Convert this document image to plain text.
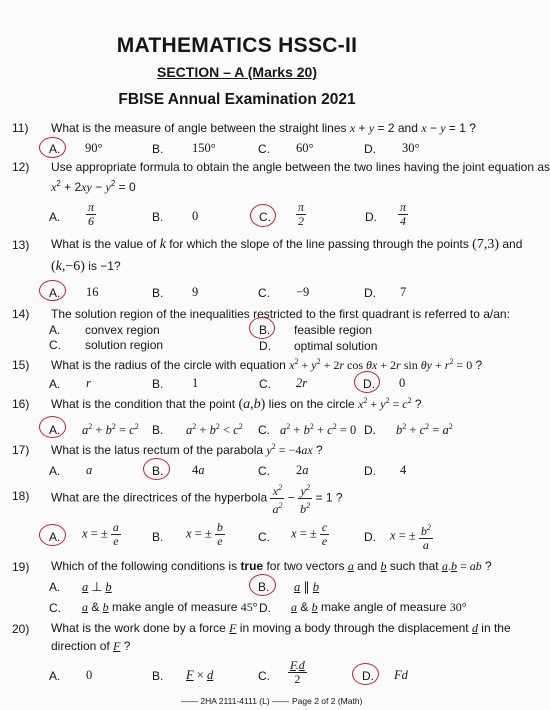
MATHEMATICS HSSC-II
SECTION – A (Marks 20)
FBISE Annual Examination 2021
11) What is the measure of angle between the straight lines x + y = 2 and x − y = 1 ?
A. 90°	B. 150°	C. 60°	D. 30°
12) Use appropriate formula to obtain the angle between the two lines having the joint equation as
$x^2 + 2xy - y^2 = 0$
A. $\frac{\pi}{6}$	B. 0	C. $\frac{\pi}{2}$	D. $\frac{\pi}{4}$
13) What is the value of k for which the slope of the line passing through the points (7,3) and
(k,−6) is −1?
A. 16	B. 9	C. −9	D. 7
14) The solution region of the inequalities restricted to the first quadrant is referred to a/an:
A. convex region	B. feasible region
C. solution region	D. optimal solution
15) What is the radius of the circle with equation $x^2 + y^2 + 2r$ cos θx + 2r $\sin \theta y + r^2 = 0$ ?
A. r	B. 1	C. 2r	D. 0
16) What is the condition that the point (a,b) lies on the circle $x^2 + y^2 = c^2$ ?
A. $a^2 + b^2 = c^2$ B. $a^2 + b^2 < c^2$ C. $a^2 + b^2 + c^2 = 0$ D. $b^2 + c^2 = a^2$
17) What is the latus rectum of the parabola $y^2 = -4ax$ ?
A. a	B. 4a	C. 2a	D. 4
18) What are the directrices of the hyperbola $\frac{x^2}{a^2} - \frac{y^2}{b^2} = 1$ ?
A. x = ± $\frac{a}{e}$	B. x = ± $\frac{b}{e}$	C. x = ± $\frac{c}{e}$	D. x = ± $\frac{b^2}{a}$
19) Which of the following conditions is true for two vectors a and b such that a.b = ab ?
A. a ⊥ b	B. a ∥ b
C. a & b make angle of measure 45° D. a & b make angle of measure 30°
20) What is the work done by a force F in moving a body through the displacement d in the
direction of F ?
A. 0	B. F × d	C. $\frac{F.d}{2}$	D. Fd
—— 2HA 2111-4111 (L) —— Page 2 of 2 (Math)
